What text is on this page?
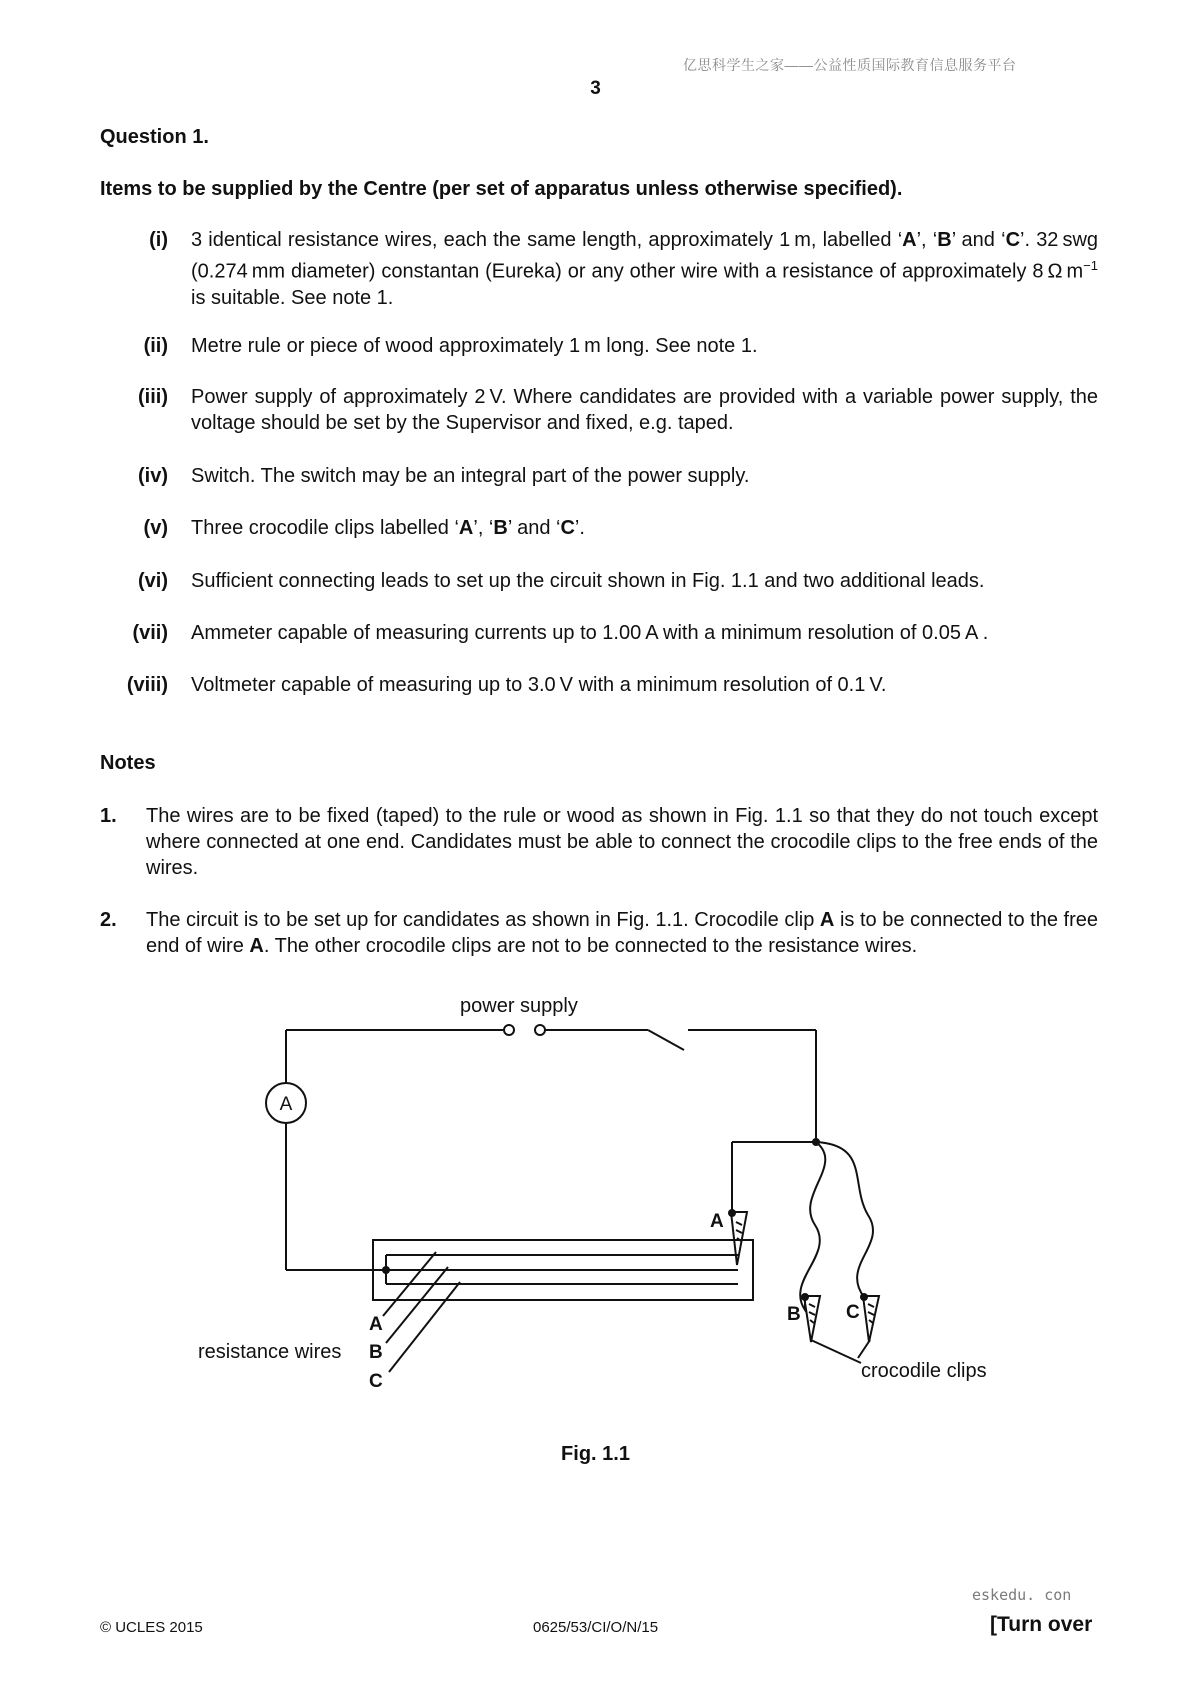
亿思科学生之家——公益性质国际教育信息服务平台
3
Question 1.
Items to be supplied by the Centre (per set of apparatus unless otherwise specified).
(i) 3 identical resistance wires, each the same length, approximately 1 m, labelled ‘A’, ‘B’ and ‘C’. 32 swg (0.274 mm diameter) constantan (Eureka) or any other wire with a resistance of approximately 8 Ω $m^{-1}$ is suitable. See note 1.
(ii) Metre rule or piece of wood approximately 1 m long. See note 1.
(iii) Power supply of approximately 2 V. Where candidates are provided with a variable power supply, the voltage should be set by the Supervisor and fixed, e.g. taped.
(iv) Switch. The switch may be an integral part of the power supply.
(v) Three crocodile clips labelled ‘A’, ‘B’ and ‘C’.
(vi) Sufficient connecting leads to set up the circuit shown in Fig. 1.1 and two additional leads.
(vii) Ammeter capable of measuring currents up to 1.00 A with a minimum resolution of 0.05 A .
(viii) Voltmeter capable of measuring up to 3.0 V with a minimum resolution of 0.1 V.
Notes
1. The wires are to be fixed (taped) to the rule or wood as shown in Fig. 1.1 so that they do not touch except where connected at one end. Candidates must be able to connect the crocodile clips to the free ends of the wires.
2. The circuit is to be set up for candidates as shown in Fig. 1.1. Crocodile clip A is to be connected to the free end of wire A. The other crocodile clips are not to be connected to the resistance wires.
power supply
A
A
B C
resistance wires
A
B
C	crocodile clips
Fig. 1.1
© UCLES 2015	0625/53/CI/O/N/15
eskedu. con
[Turn over
